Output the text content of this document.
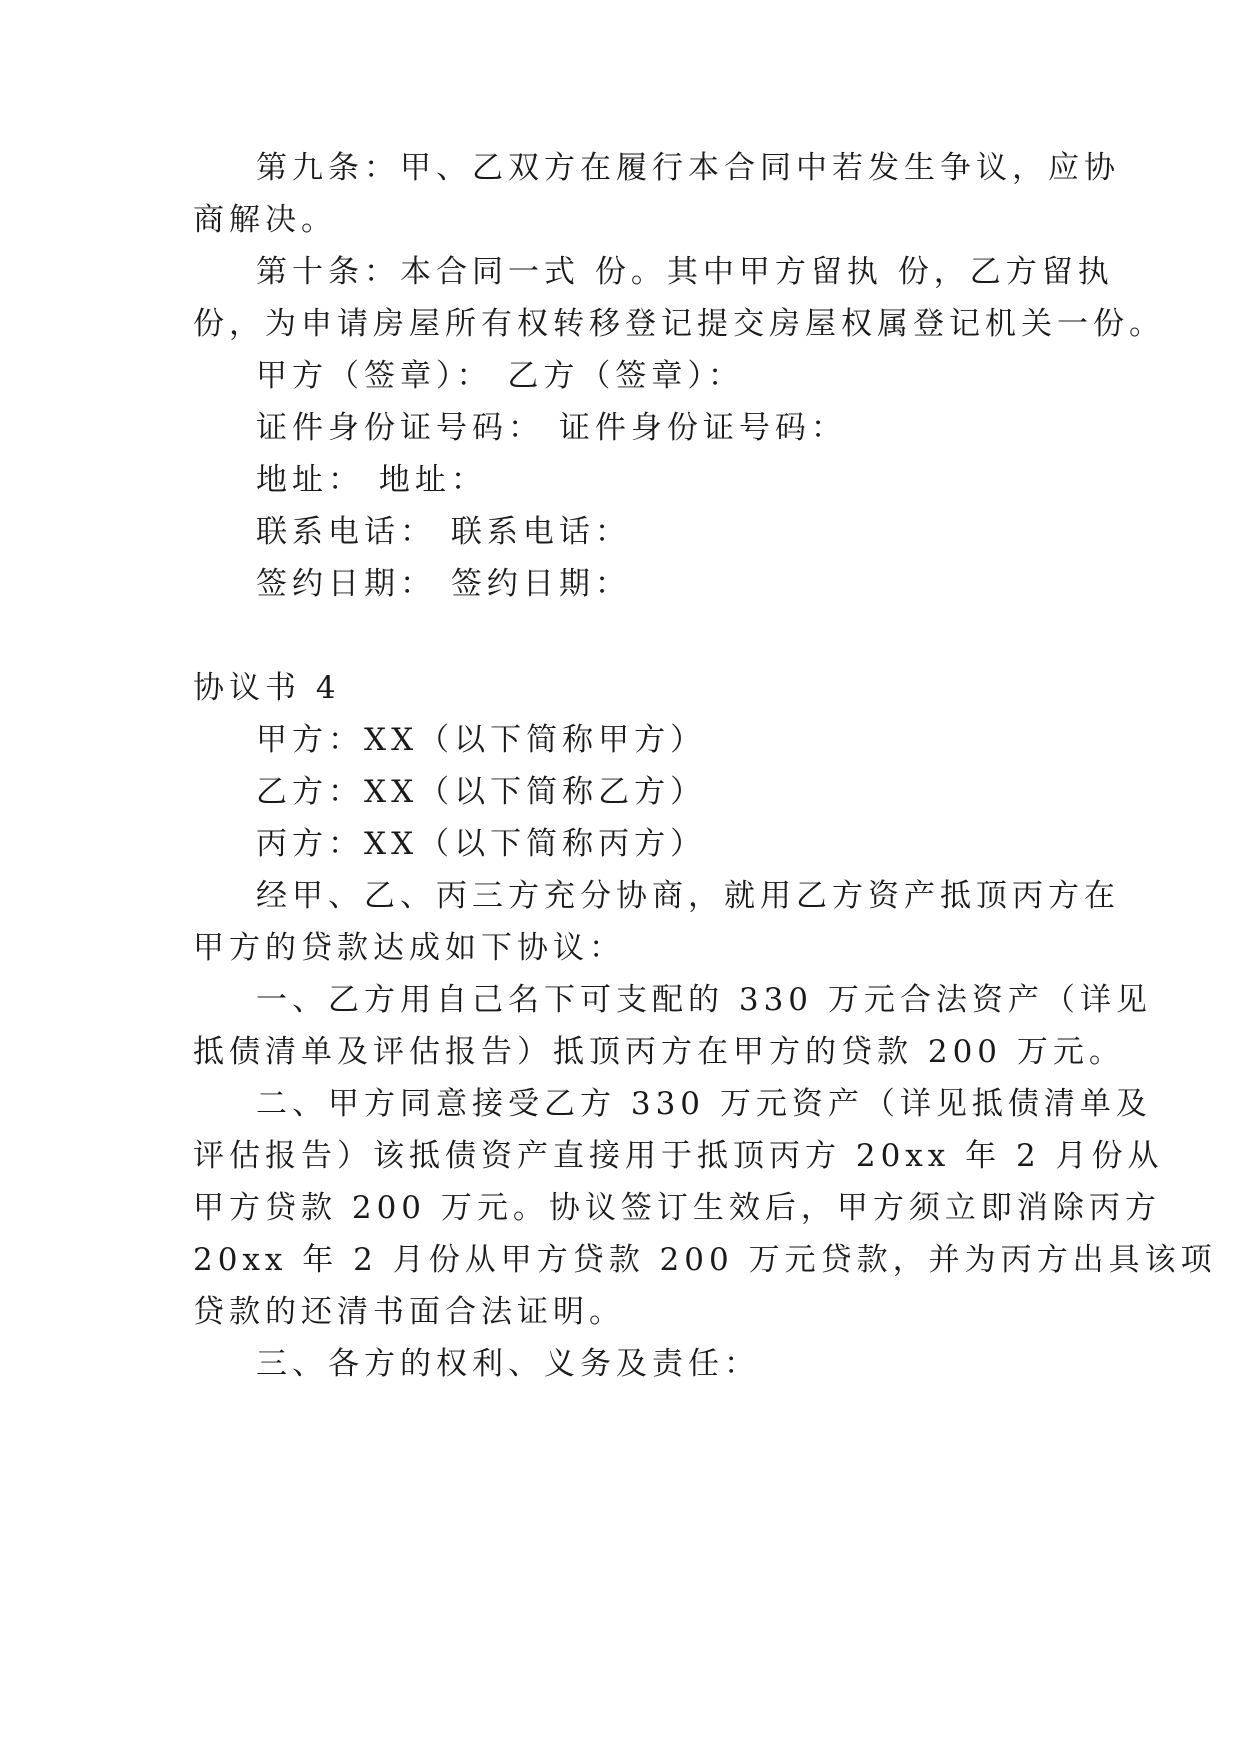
第九条：甲、乙双方在履行本合同中若发生争议，应协
商解决。
第十条：本合同一式 份。其中甲方留执 份，乙方留执
份，为申请房屋所有权转移登记提交房屋权属登记机关一份。
甲方（签章）： 乙方（签章）：
证件身份证号码： 证件身份证号码：
地址： 地址：
联系电话： 联系电话：
签约日期： 签约日期：
协议书 4
甲方：XX（以下简称甲方）
乙方：XX（以下简称乙方）
丙方：XX（以下简称丙方）
经甲、乙、丙三方充分协商，就用乙方资产抵顶丙方在
甲方的贷款达成如下协议：
一、乙方用自己名下可支配的 330 万元合法资产（详见
抵债清单及评估报告）抵顶丙方在甲方的贷款 200 万元。
二、甲方同意接受乙方 330 万元资产（详见抵债清单及
评估报告）该抵债资产直接用于抵顶丙方 20xx 年 2 月份从
甲方贷款 200 万元。协议签订生效后，甲方须立即消除丙方
20xx 年 2 月份从甲方贷款 200 万元贷款，并为丙方出具该项
贷款的还清书面合法证明。
三、各方的权利、义务及责任：
